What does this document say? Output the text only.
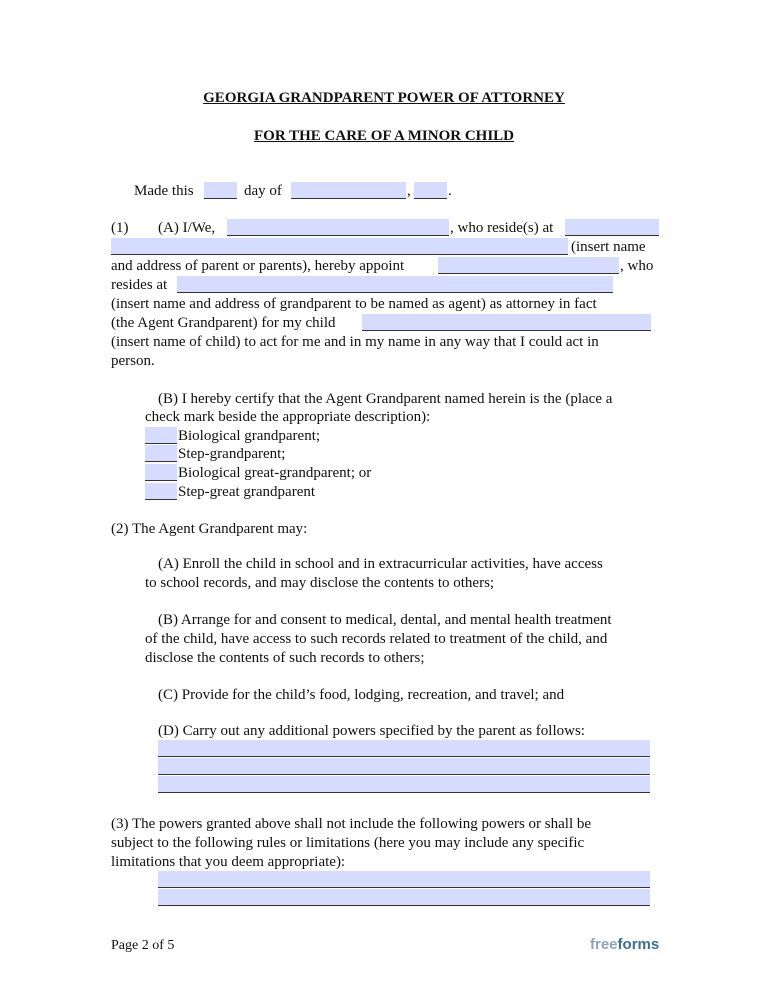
GEORGIA GRANDPARENT POWER OF ATTORNEY
FOR THE CARE OF A MINOR CHILD
Made this	day of	, .
(1) (A) I/We,	, who reside(s) at
(insert name
and address of parent or parents), hereby appoint	, who
resides at
(insert name and address of grandparent to be named as agent) as attorney in fact
(the Agent Grandparent) for my child
(insert name of child) to act for me and in my name in any way that I could act in
person.
(B) I hereby certify that the Agent Grandparent named herein is the (place a
check mark beside the appropriate description):
Biological grandparent;
Step-grandparent;
Biological great-grandparent; or
Step-great grandparent
(2) The Agent Grandparent may:
(A) Enroll the child in school and in extracurricular activities, have access
to school records, and may disclose the contents to others;
(B) Arrange for and consent to medical, dental, and mental health treatment
of the child, have access to such records related to treatment of the child, and
disclose the contents of such records to others;
(C) Provide for the child’s food, lodging, recreation, and travel; and
(D) Carry out any additional powers specified by the parent as follows:
(3) The powers granted above shall not include the following powers or shall be
subject to the following rules or limitations (here you may include any specific
limitations that you deem appropriate):
Page 2 of 5	freeforms
